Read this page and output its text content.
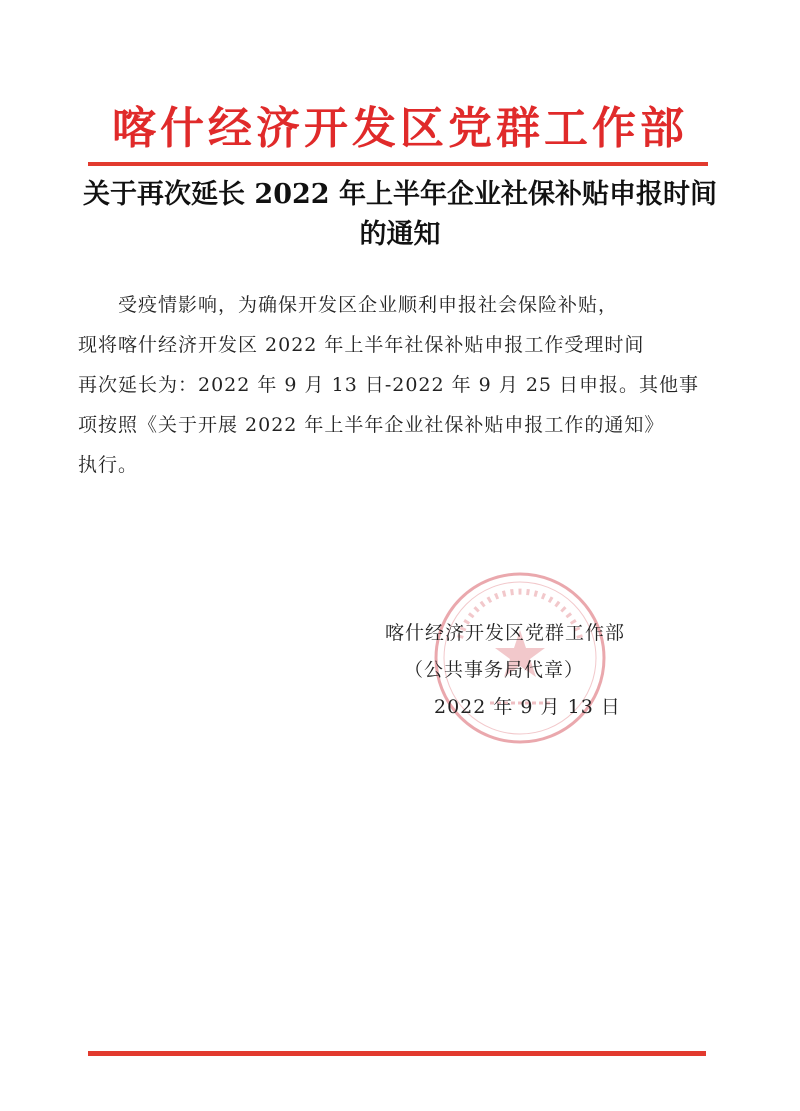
喀什经济开发区党群工作部
关于再次延长 2022 年上半年企业社保补贴申报时间
的通知
受疫情影响，为确保开发区企业顺利申报社会保险补贴，
现将喀什经济开发区 2022 年上半年社保补贴申报工作受理时间
再次延长为：2022 年 9 月 13 日-2022 年 9 月 25 日申报。其他事
项按照《关于开展 2022 年上半年企业社保补贴申报工作的通知》
执行。
喀什经济开发区党群工作部
（公共事务局代章）
2022 年 9 月 13 日
